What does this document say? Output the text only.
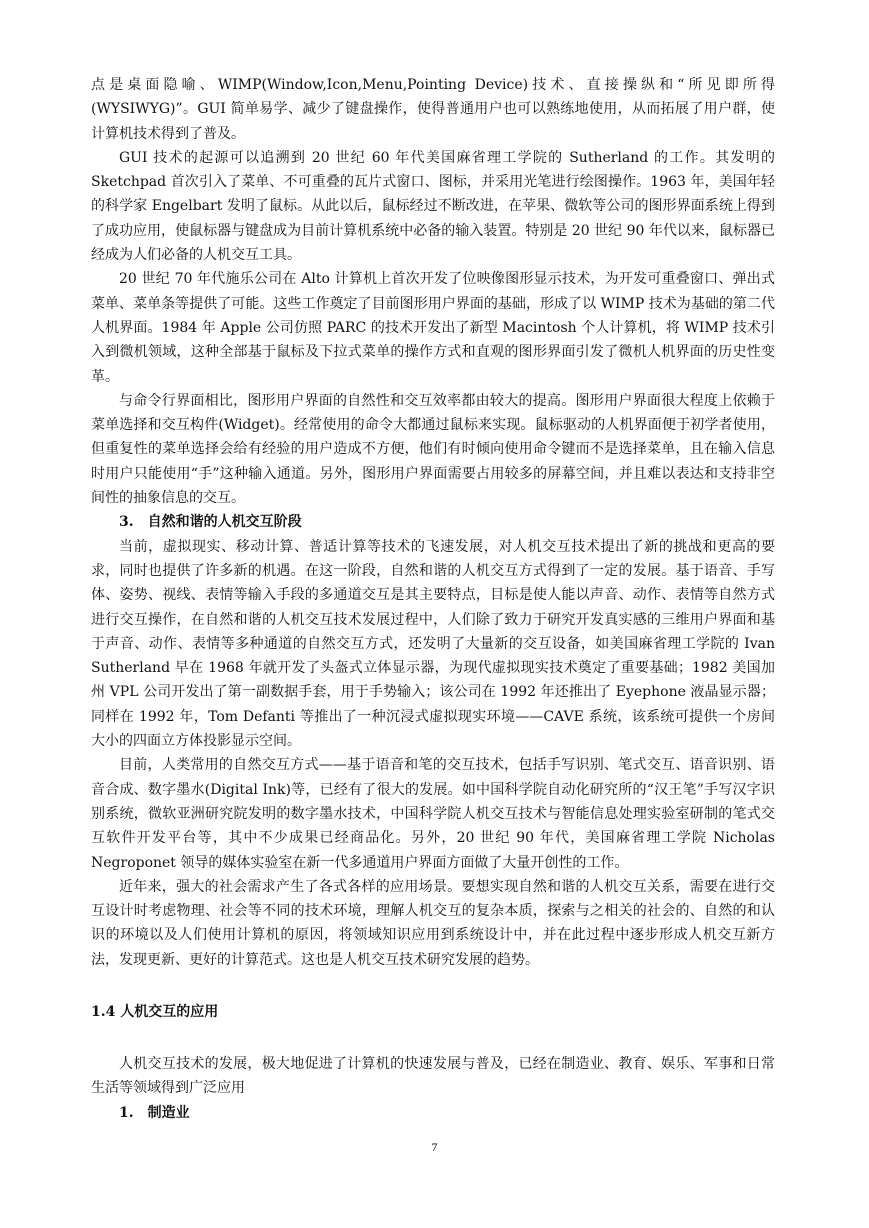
点是桌面隐喻、WIMP(Window,Icon,Menu,Pointing Device)技术、直接操纵和“所见即所得(WYSIWYG)”。GUI 简单易学、减少了键盘操作，使得普通用户也可以熟练地使用，从而拓展了用户群，使计算机技术得到了普及。

GUI 技术的起源可以追溯到 20 世纪 60 年代美国麻省理工学院的 Sutherland 的工作。其发明的 Sketchpad 首次引入了菜单、不可重叠的瓦片式窗口、图标，并采用光笔进行绘图操作。1963 年，美国年轻的科学家 Engelbart 发明了鼠标。从此以后，鼠标经过不断改进，在苹果、微软等公司的图形界面系统上得到了成功应用，使鼠标器与键盘成为目前计算机系统中必备的输入装置。特别是 20 世纪 90 年代以来，鼠标器已经成为人们必备的人机交互工具。

20 世纪 70 年代施乐公司在 Alto 计算机上首次开发了位映像图形显示技术，为开发可重叠窗口、弹出式菜单、菜单条等提供了可能。这些工作奠定了目前图形用户界面的基础，形成了以 WIMP 技术为基础的第二代人机界面。1984 年 Apple 公司仿照 PARC 的技术开发出了新型 Macintosh 个人计算机，将 WIMP 技术引入到微机领域，这种全部基于鼠标及下拉式菜单的操作方式和直观的图形界面引发了微机人机界面的历史性变革。

与命令行界面相比，图形用户界面的自然性和交互效率都由较大的提高。图形用户界面很大程度上依赖于菜单选择和交互构件(Widget)。经常使用的命令大都通过鼠标来实现。鼠标驱动的人机界面便于初学者使用，但重复性的菜单选择会给有经验的用户造成不方便，他们有时倾向使用命令键而不是选择菜单，且在输入信息时用户只能使用“手”这种输入通道。另外，图形用户界面需要占用较多的屏幕空间，并且难以表达和支持非空间性的抽象信息的交互。

3.　自然和谐的人机交互阶段

当前，虚拟现实、移动计算、普适计算等技术的飞速发展，对人机交互技术提出了新的挑战和更高的要求，同时也提供了许多新的机遇。在这一阶段，自然和谐的人机交互方式得到了一定的发展。基于语音、手写体、姿势、视线、表情等输入手段的多通道交互是其主要特点，目标是使人能以声音、动作、表情等自然方式进行交互操作，在自然和谐的人机交互技术发展过程中，人们除了致力于研究开发真实感的三维用户界面和基于声音、动作、表情等多种通道的自然交互方式，还发明了大量新的交互设备，如美国麻省理工学院的 Ivan Sutherland 早在 1968 年就开发了头盔式立体显示器，为现代虚拟现实技术奠定了重要基础；1982 美国加州 VPL 公司开发出了第一副数据手套，用于手势输入；该公司在 1992 年还推出了 Eyephone 液晶显示器；同样在 1992 年，Tom Defanti 等推出了一种沉浸式虚拟现实环境——CAVE 系统，该系统可提供一个房间大小的四面立方体投影显示空间。

目前，人类常用的自然交互方式——基于语音和笔的交互技术，包括手写识别、笔式交互、语音识别、语音合成、数字墨水(Digital Ink)等，已经有了很大的发展。如中国科学院自动化研究所的“汉王笔”手写汉字识别系统，微软亚洲研究院发明的数字墨水技术，中国科学院人机交互技术与智能信息处理实验室研制的笔式交互软件开发平台等，其中不少成果已经商品化。另外，20 世纪 90 年代，美国麻省理工学院 Nicholas Negroponet 领导的媒体实验室在新一代多通道用户界面方面做了大量开创性的工作。

近年来，强大的社会需求产生了各式各样的应用场景。要想实现自然和谐的人机交互关系，需要在进行交互设计时考虑物理、社会等不同的技术环境，理解人机交互的复杂本质，探索与之相关的社会的、自然的和认识的环境以及人们使用计算机的原因，将领域知识应用到系统设计中，并在此过程中逐步形成人机交互新方法，发现更新、更好的计算范式。这也是人机交互技术研究发展的趋势。

1.4 人机交互的应用

人机交互技术的发展，极大地促进了计算机的快速发展与普及，已经在制造业、教育、娱乐、军事和日常生活等领域得到广泛应用

1.　制造业

7
